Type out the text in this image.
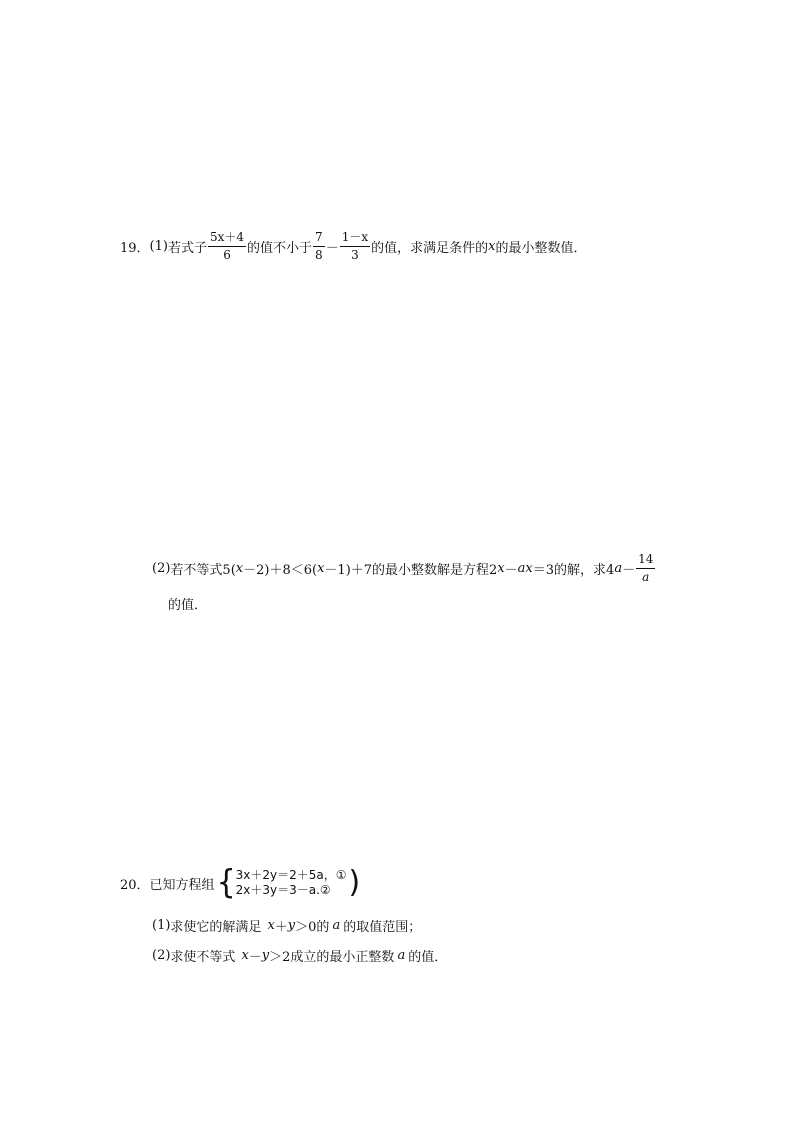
19． (1) 若式子 $\frac{5x+4}{6}$ 的值不小于 $\frac{7}{8} - \frac{1-x}{3}$ 的值，求满足条件的 x 的最小整数值．
(2) 若不等式5( x －2)＋8＜6( x －1)＋7的最小整数解是方程2 x － ax ＝3的解，求4 $a - \frac{14}{a}$
的值．
20． 已知方程组 { 3x＋2y＝2＋5a，①
2x＋3y＝3－a.② )
(1) 求使它的解满足 x ＋ y ＞0的 a 的取值范围；
(2) 求使不等式 x － y ＞2成立的最小正整数 a 的值．
